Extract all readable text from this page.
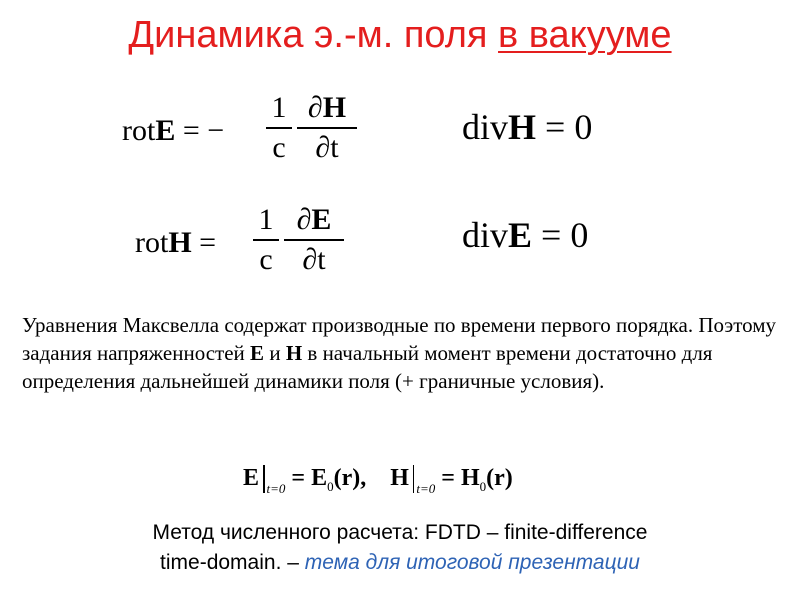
Динамика э.-м. поля в вакууме
rotE = −
1
c
∂H
∂t
rotH =
1
c
∂E
∂t
divH = 0
divE = 0
Уравнения Максвелла содержат производные по времени первого порядка. Поэтому задания напряженностей E и H в начальный момент времени достаточно для определения дальнейшей динамики поля (+ граничные условия).
E $_{t=0} = E_0(r)$, H $_{t=0} = H_0(r)$
Метод численного расчета: FDTD – finite-difference
time-domain. – тема для итоговой презентации
